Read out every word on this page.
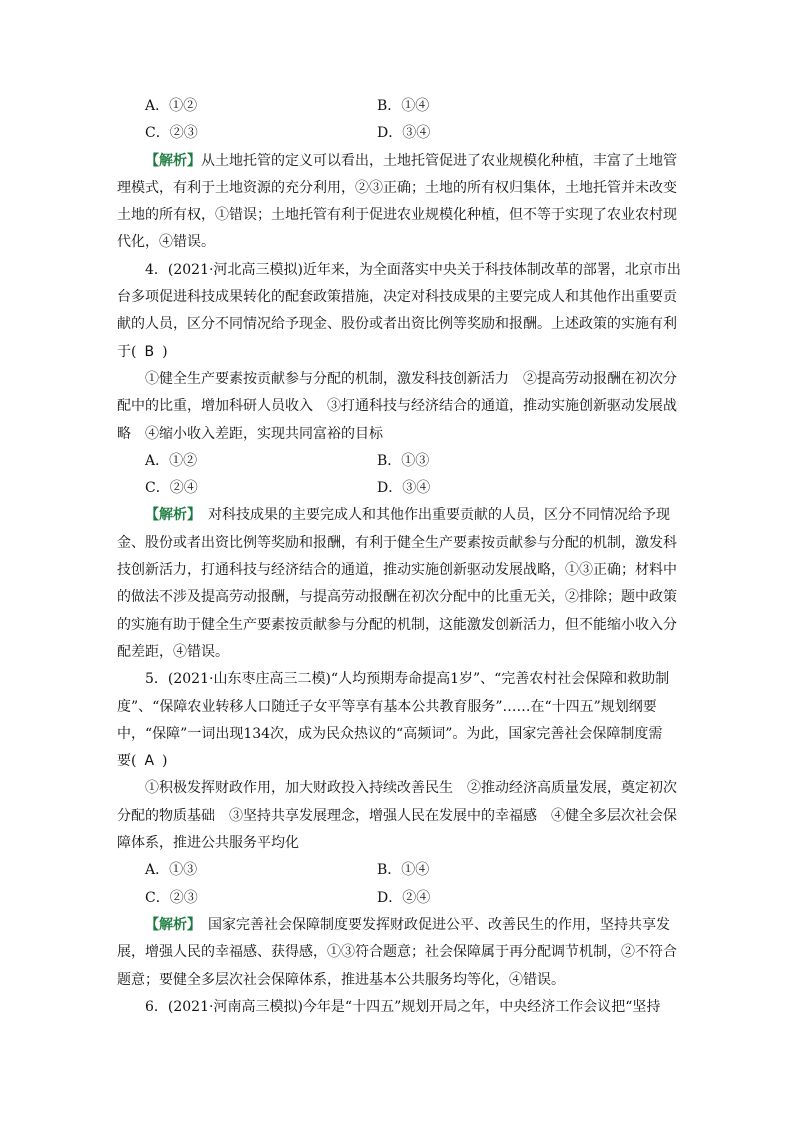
A．①②	B．①④
C．②③	D．③④
【解析】从土地托管的定义可以看出，土地托管促进了农业规模化种植，丰富了土地管
理模式，有利于土地资源的充分利用，②③正确；土地的所有权归集体，土地托管并未改变
土地的所有权，①错误；土地托管有利于促进农业规模化种植，但不等于实现了农业农村现
代化，④错误。
4．(2021·河北高三模拟)近年来，为全面落实中央关于科技体制改革的部署，北京市出
台多项促进科技成果转化的配套政策措施，决定对科技成果的主要完成人和其他作出重要贡
献的人员，区分不同情况给予现金、股份或者出资比例等奖励和报酬。上述政策的实施有利
于( B )
①健全生产要素按贡献参与分配的机制，激发科技创新活力　②提高劳动报酬在初次分
配中的比重，增加科研人员收入　③打通科技与经济结合的通道，推动实施创新驱动发展战
略　④缩小收入差距，实现共同富裕的目标
A．①②	B．①③
C．②④	D．③④
【解析】　对科技成果的主要完成人和其他作出重要贡献的人员，区分不同情况给予现
金、股份或者出资比例等奖励和报酬，有利于健全生产要素按贡献参与分配的机制，激发科
技创新活力，打通科技与经济结合的通道，推动实施创新驱动发展战略，①③正确；材料中
的做法不涉及提高劳动报酬，与提高劳动报酬在初次分配中的比重无关，②排除；题中政策
的实施有助于健全生产要素按贡献参与分配的机制，这能激发创新活力，但不能缩小收入分
配差距，④错误。
5．(2021·山东枣庄高三二模)“人均预期寿命提高1岁”、“完善农村社会保障和救助制
度”、“保障农业转移人口随迁子女平等享有基本公共教育服务”……在“十四五”规划纲要
中，“保障”一词出现134次，成为民众热议的“高频词”。为此，国家完善社会保障制度需
要( A )
①积极发挥财政作用，加大财政投入持续改善民生　②推动经济高质量发展，奠定初次
分配的物质基础　③坚持共享发展理念，增强人民在发展中的幸福感　④健全多层次社会保
障体系，推进公共服务平均化
A．①③	B．①④
C．②③	D．②④
【解析】　国家完善社会保障制度要发挥财政促进公平、改善民生的作用，坚持共享发
展，增强人民的幸福感、获得感，①③符合题意；社会保障属于再分配调节机制，②不符合
题意；要健全多层次社会保障体系，推进基本公共服务均等化，④错误。
6．(2021·河南高三模拟)今年是“十四五”规划开局之年，中央经济工作会议把“坚持
